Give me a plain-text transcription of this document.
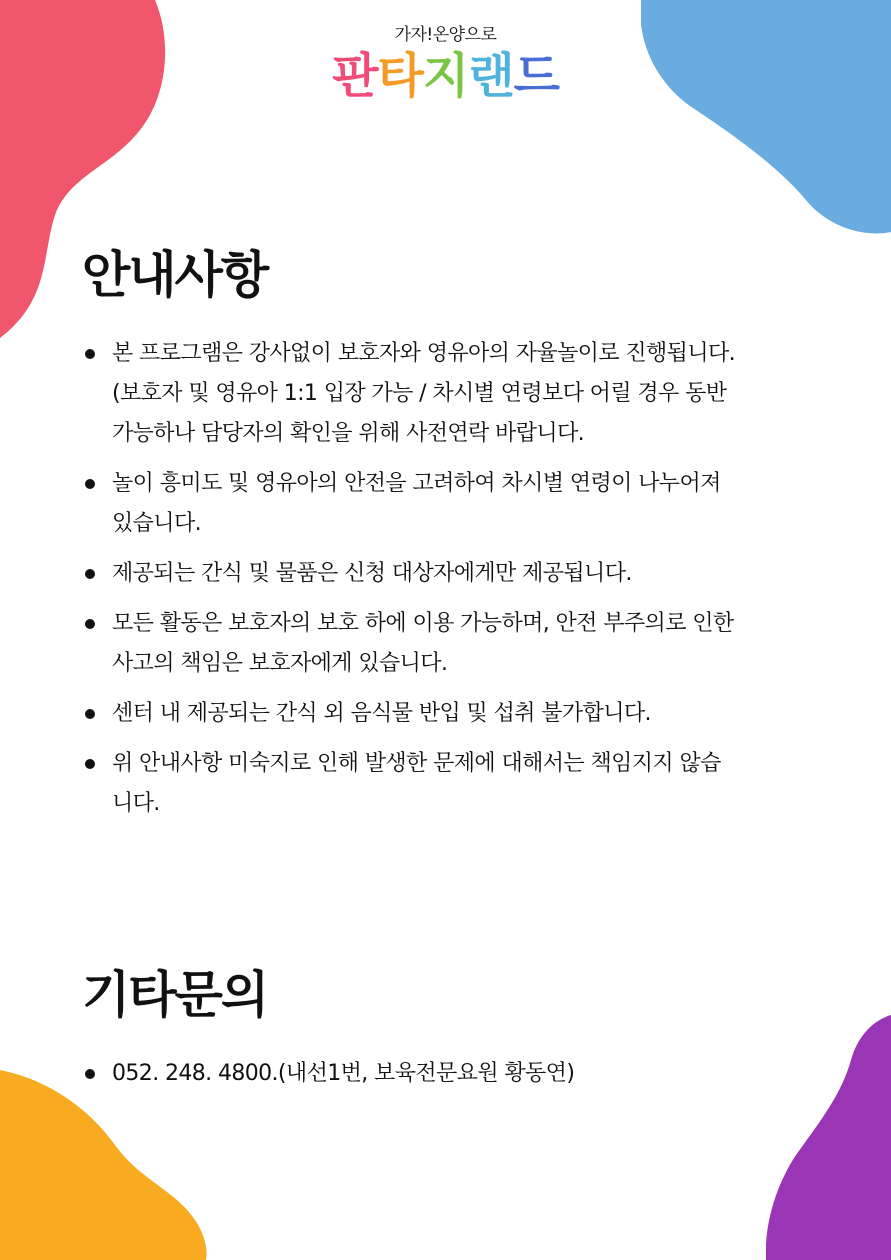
가자!온양으로
판타지랜드
안내사항
본 프로그램은 강사없이 보호자와 영유아의 자율놀이로 진행됩니다.
(보호자 및 영유아 1:1 입장 가능 / 차시별 연령보다 어릴 경우 동반
가능하나 담당자의 확인을 위해 사전연락 바랍니다.
놀이 흥미도 및 영유아의 안전을 고려하여 차시별 연령이 나누어져
있습니다.
제공되는 간식 및 물품은 신청 대상자에게만 제공됩니다.
모든 활동은 보호자의 보호 하에 이용 가능하며, 안전 부주의로 인한
사고의 책임은 보호자에게 있습니다.
센터 내 제공되는 간식 외 음식물 반입 및 섭취 불가합니다.
위 안내사항 미숙지로 인해 발생한 문제에 대해서는 책임지지 않습
니다.
기타문의
052. 248. 4800.(내선1번, 보육전문요원 황동연)
